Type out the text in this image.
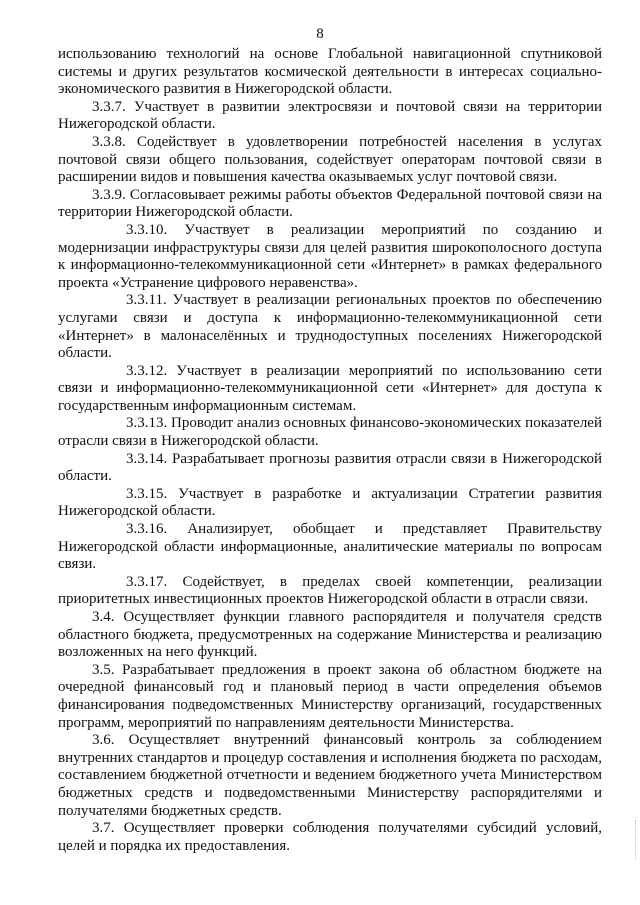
8

использованию технологий на основе Глобальной навигационной спутниковой системы и других результатов космической деятельности в интересах социально-экономического развития в Нижегородской области.

3.3.7. Участвует в развитии электросвязи и почтовой связи на территории Нижегородской области.

3.3.8. Содействует в удовлетворении потребностей населения в услугах почтовой связи общего пользования, содействует операторам почтовой связи в расширении видов и повышения качества оказываемых услуг почтовой связи.

3.3.9. Согласовывает режимы работы объектов Федеральной почтовой связи на территории Нижегородской области.

3.3.10. Участвует в реализации мероприятий по созданию и модернизации инфраструктуры связи для целей развития широкополосного доступа к информационно-телекоммуникационной сети «Интернет» в рамках федерального проекта «Устранение цифрового неравенства».

3.3.11. Участвует в реализации региональных проектов по обеспечению услугами связи и доступа к информационно-телекоммуникационной сети «Интернет» в малонаселённых и труднодоступных поселениях Нижегородской области.

3.3.12. Участвует в реализации мероприятий по использованию сети связи и информационно-телекоммуникационной сети «Интернет» для доступа к государственным информационным системам.

3.3.13. Проводит анализ основных финансово-экономических показателей отрасли связи в Нижегородской области.

3.3.14. Разрабатывает прогнозы развития отрасли связи в Нижегородской области.

3.3.15. Участвует в разработке и актуализации Стратегии развития Нижегородской области.

3.3.16. Анализирует, обобщает и представляет Правительству Нижегородской области информационные, аналитические материалы по вопросам связи.

3.3.17. Содействует, в пределах своей компетенции, реализации приоритетных инвестиционных проектов Нижегородской области в отрасли связи.

3.4. Осуществляет функции главного распорядителя и получателя средств областного бюджета, предусмотренных на содержание Министерства и реализацию возложенных на него функций.

3.5. Разрабатывает предложения в проект закона об областном бюджете на очередной финансовый год и плановый период в части определения объемов финансирования подведомственных Министерству организаций, государственных программ, мероприятий по направлениям деятельности Министерства.

3.6. Осуществляет внутренний финансовый контроль за соблюдением внутренних стандартов и процедур составления и исполнения бюджета по расходам, составлением бюджетной отчетности и ведением бюджетного учета Министерством бюджетных средств и подведомственными Министерству распорядителями и получателями бюджетных средств.

3.7. Осуществляет проверки соблюдения получателями субсидий условий, целей и порядка их предоставления.
